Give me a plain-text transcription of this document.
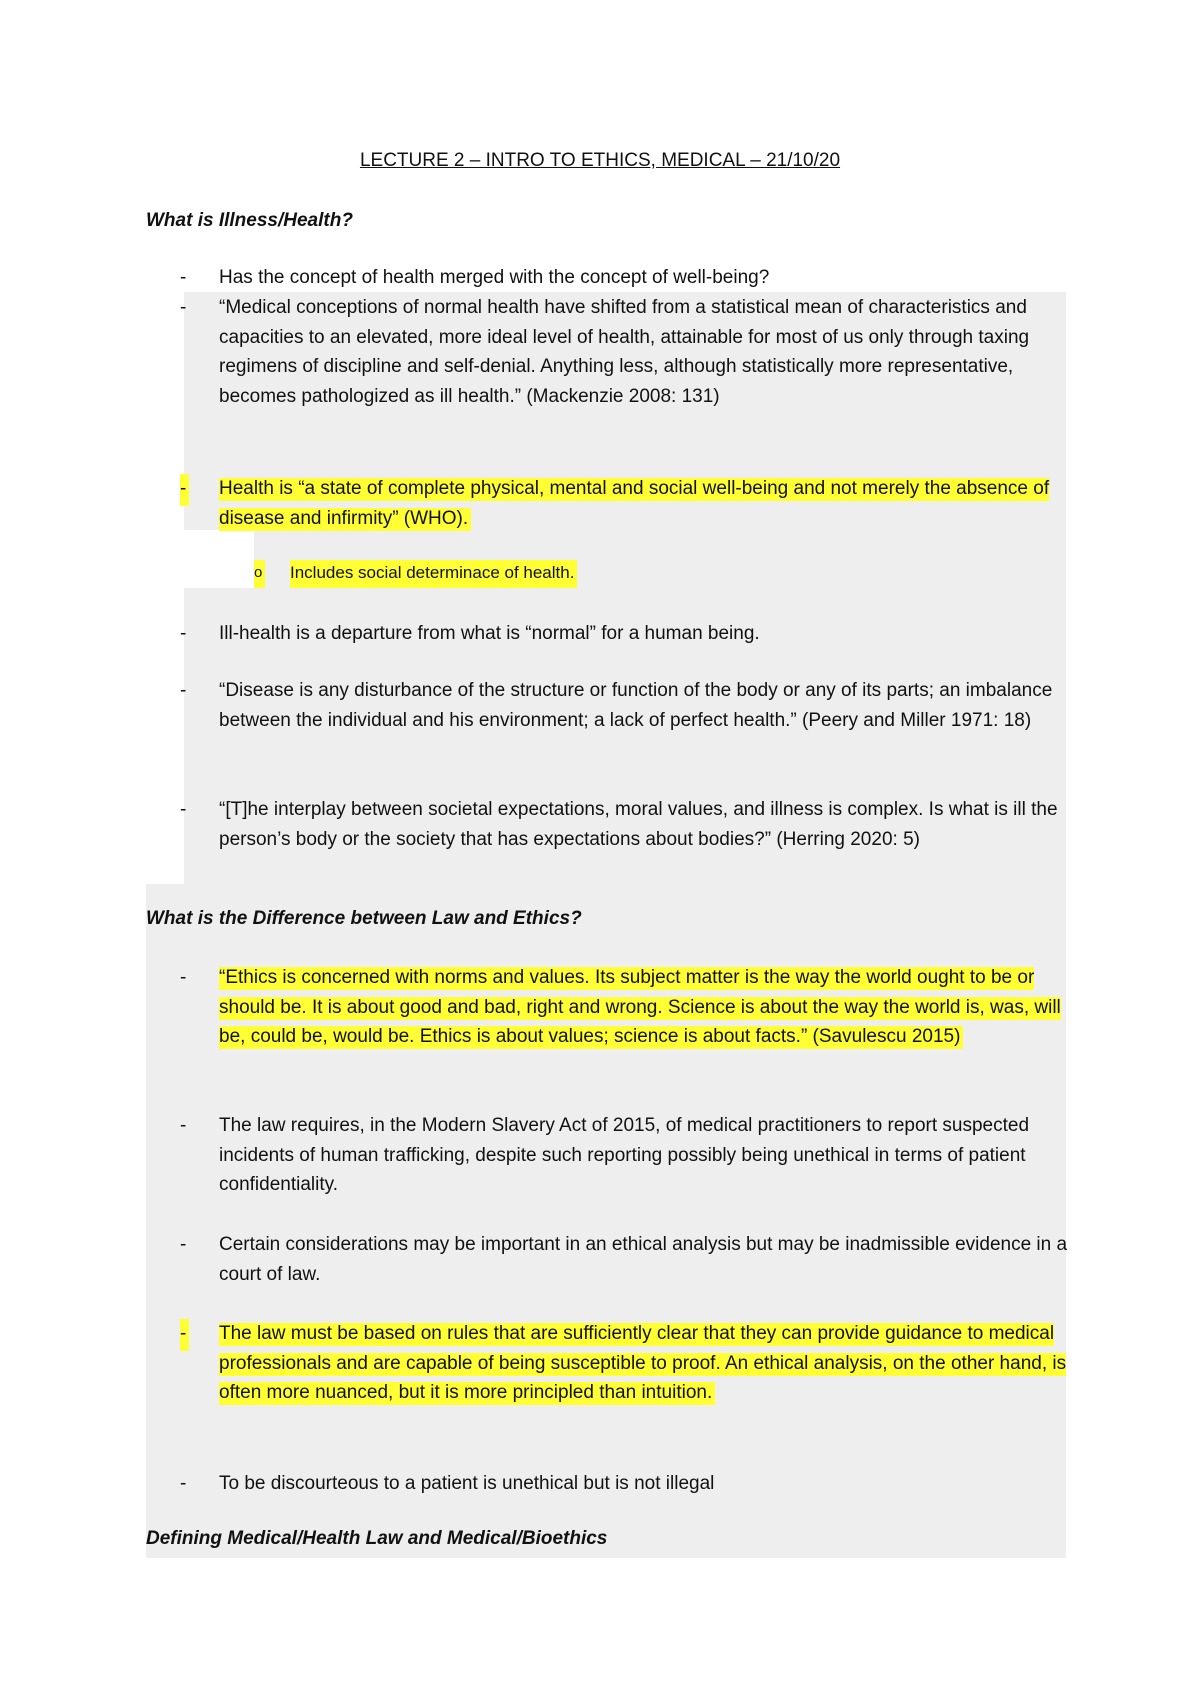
LECTURE 2 – INTRO TO ETHICS, MEDICAL – 21/10/20
What is Illness/Health?
- Has the concept of health merged with the concept of well-being?
- “Medical conceptions of normal health have shifted from a statistical mean of characteristics and capacities to an elevated, more ideal level of health, attainable for most of us only through taxing regimens of discipline and self-denial. Anything less, although statistically more representative, becomes pathologized as ill health.” (Mackenzie 2008: 131)
- Health is “a state of complete physical, mental and social well-being and not merely the absence of disease and infirmity” (WHO).
o Includes social determinace of health.
- Ill-health is a departure from what is “normal” for a human being.
- “Disease is any disturbance of the structure or function of the body or any of its parts; an imbalance between the individual and his environment; a lack of perfect health.” (Peery and Miller 1971: 18)
- “[T]he interplay between societal expectations, moral values, and illness is complex. Is what is ill the person’s body or the society that has expectations about bodies?” (Herring 2020: 5)
What is the Difference between Law and Ethics?
- “Ethics is concerned with norms and values. Its subject matter is the way the world ought to be or should be. It is about good and bad, right and wrong. Science is about the way the world is, was, will be, could be, would be. Ethics is about values; science is about facts.” (Savulescu 2015)
- The law requires, in the Modern Slavery Act of 2015, of medical practitioners to report suspected incidents of human trafficking, despite such reporting possibly being unethical in terms of patient confidentiality.
- Certain considerations may be important in an ethical analysis but may be inadmissible evidence in a court of law.
- The law must be based on rules that are sufficiently clear that they can provide guidance to medical professionals and are capable of being susceptible to proof. An ethical analysis, on the other hand, is often more nuanced, but it is more principled than intuition.
- To be discourteous to a patient is unethical but is not illegal
Defining Medical/Health Law and Medical/Bioethics
